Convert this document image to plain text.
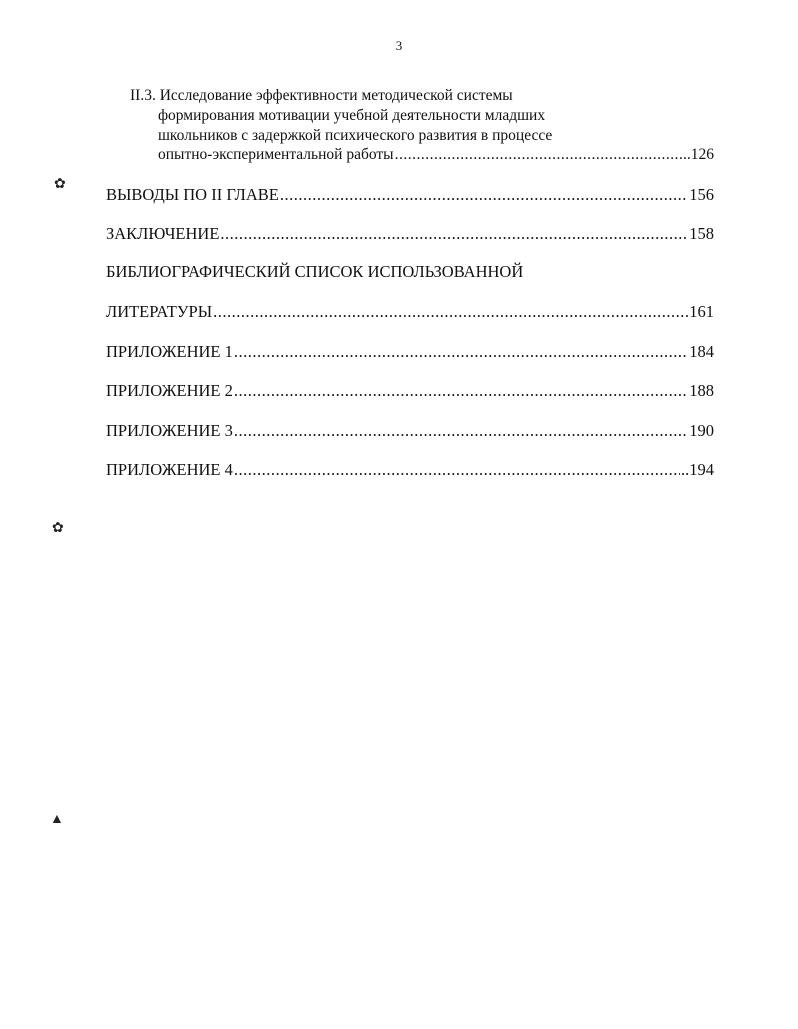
3
II.3. Исследование эффективности методической системы
формирования мотивации учебной деятельности младших
школьников с задержкой психического развития в процессе
опытно-экспериментальной работы .....	..126
ВЫВОДЫ ПО II ГЛАВЕ .....	156
ЗАКЛЮЧЕНИЕ .....	158
БИБЛИОГРАФИЧЕСКИЙ СПИСОК ИСПОЛЬЗОВАННОЙ
ЛИТЕРАТУРЫ .....	161
ПРИЛОЖЕНИЕ 1 .....	184
ПРИЛОЖЕНИЕ 2 .....	188
ПРИЛОЖЕНИЕ 3 .....	190
ПРИЛОЖЕНИЕ 4 .....	..194
✿
✿
▲
